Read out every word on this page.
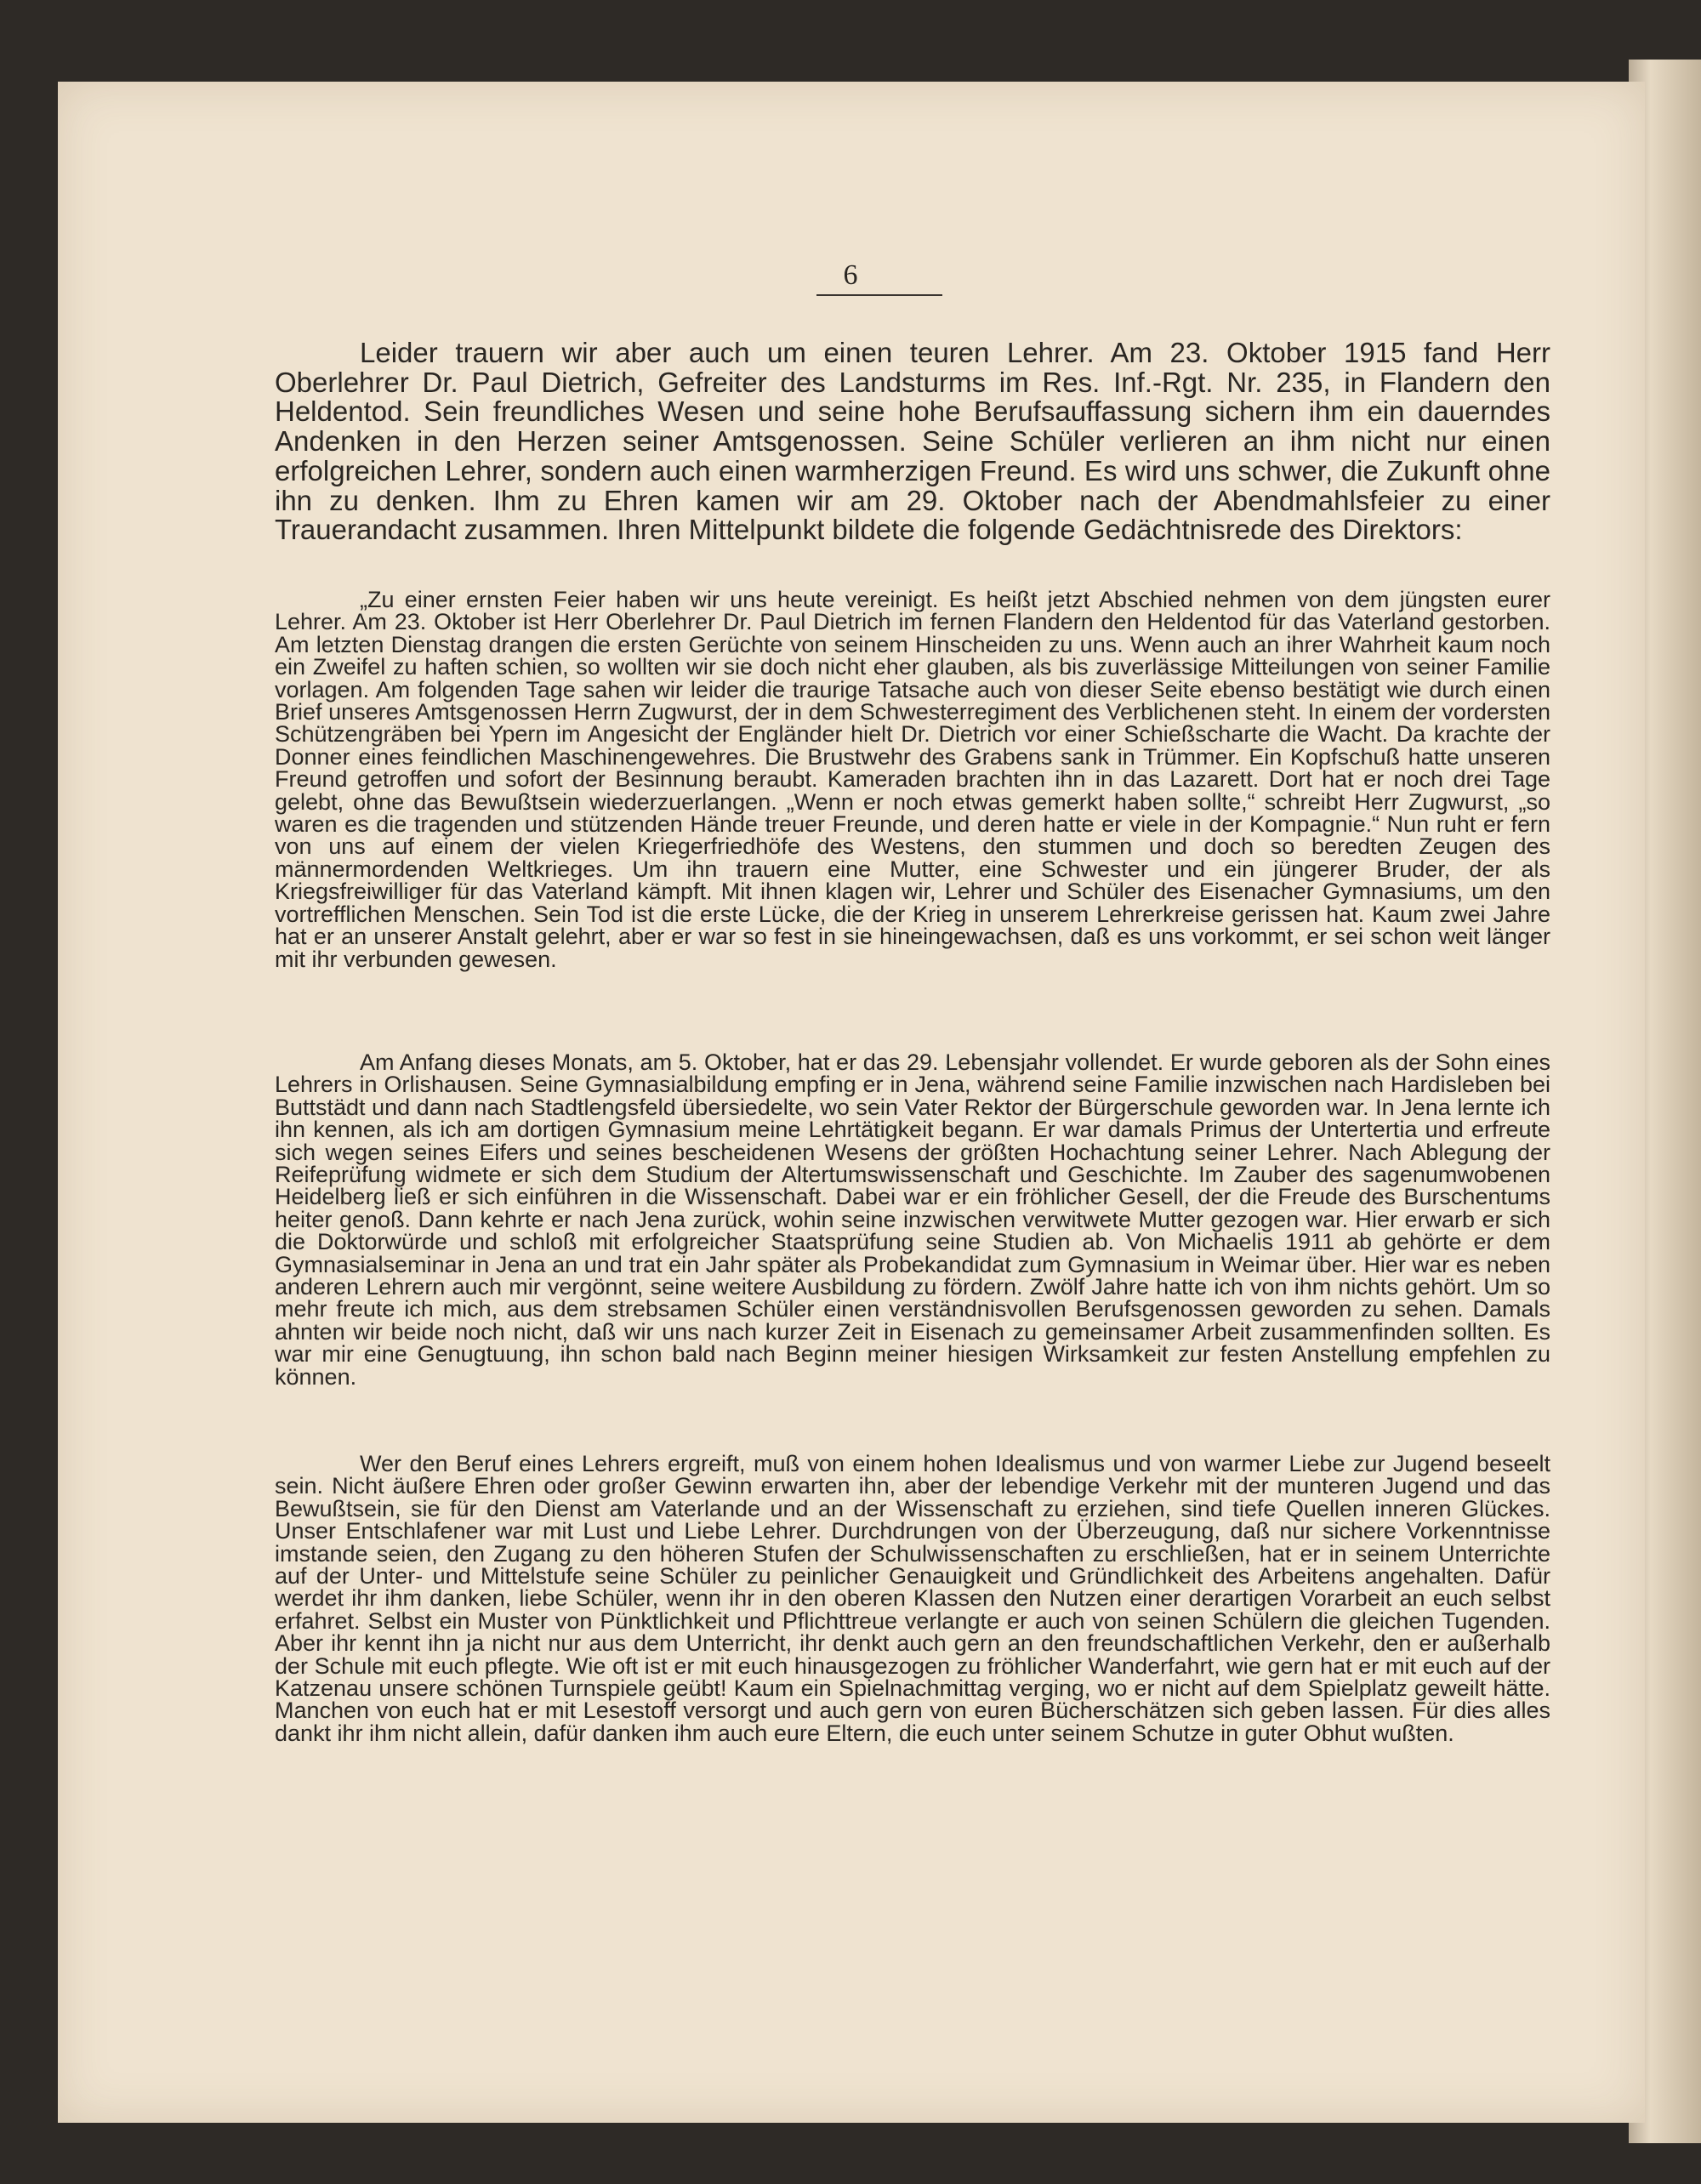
6

Leider trauern wir aber auch um einen teuren Lehrer. Am 23. Oktober 1915 fand Herr Oberlehrer Dr. Paul Dietrich, Gefreiter des Landsturms im Res. Inf.-Rgt. Nr. 235, in Flandern den Heldentod. Sein freundliches Wesen und seine hohe Berufsauffassung sichern ihm ein dauerndes Andenken in den Herzen seiner Amtsgenossen. Seine Schüler verlieren an ihm nicht nur einen erfolgreichen Lehrer, sondern auch einen warmherzigen Freund. Es wird uns schwer, die Zukunft ohne ihn zu denken. Ihm zu Ehren kamen wir am 29. Oktober nach der Abendmahlsfeier zu einer Trauerandacht zusammen. Ihren Mittelpunkt bildete die folgende Gedächtnisrede des Direktors:

„Zu einer ernsten Feier haben wir uns heute vereinigt. Es heißt jetzt Abschied nehmen von dem jüngsten eurer Lehrer. Am 23. Oktober ist Herr Oberlehrer Dr. Paul Dietrich im fernen Flandern den Heldentod für das Vaterland gestorben. Am letzten Dienstag drangen die ersten Gerüchte von seinem Hinscheiden zu uns. Wenn auch an ihrer Wahrheit kaum noch ein Zweifel zu haften schien, so wollten wir sie doch nicht eher glauben, als bis zuverlässige Mitteilungen von seiner Familie vorlagen. Am folgenden Tage sahen wir leider die traurige Tatsache auch von dieser Seite ebenso bestätigt wie durch einen Brief unseres Amtsgenossen Herrn Zugwurst, der in dem Schwesterregiment des Verblichenen steht. In einem der vordersten Schützengräben bei Ypern im Angesicht der Engländer hielt Dr. Dietrich vor einer Schießscharte die Wacht. Da krachte der Donner eines feindlichen Maschinengewehres. Die Brustwehr des Grabens sank in Trümmer. Ein Kopfschuß hatte unseren Freund getroffen und sofort der Besinnung beraubt. Kameraden brachten ihn in das Lazarett. Dort hat er noch drei Tage gelebt, ohne das Bewußtsein wiederzuerlangen. „Wenn er noch etwas gemerkt haben sollte,“ schreibt Herr Zugwurst, „so waren es die tragenden und stützenden Hände treuer Freunde, und deren hatte er viele in der Kompagnie.“ Nun ruht er fern von uns auf einem der vielen Kriegerfriedhöfe des Westens, den stummen und doch so beredten Zeugen des männermordenden Weltkrieges. Um ihn trauern eine Mutter, eine Schwester und ein jüngerer Bruder, der als Kriegsfreiwilliger für das Vaterland kämpft. Mit ihnen klagen wir, Lehrer und Schüler des Eisenacher Gymnasiums, um den vortrefflichen Menschen. Sein Tod ist die erste Lücke, die der Krieg in unserem Lehrerkreise gerissen hat. Kaum zwei Jahre hat er an unserer Anstalt gelehrt, aber er war so fest in sie hineingewachsen, daß es uns vorkommt, er sei schon weit länger mit ihr verbunden gewesen.

Am Anfang dieses Monats, am 5. Oktober, hat er das 29. Lebensjahr vollendet. Er wurde geboren als der Sohn eines Lehrers in Orlishausen. Seine Gymnasialbildung empfing er in Jena, während seine Familie inzwischen nach Hardisleben bei Buttstädt und dann nach Stadtlengsfeld übersiedelte, wo sein Vater Rektor der Bürgerschule geworden war. In Jena lernte ich ihn kennen, als ich am dortigen Gymnasium meine Lehrtätigkeit begann. Er war damals Primus der Untertertia und erfreute sich wegen seines Eifers und seines bescheidenen Wesens der größten Hochachtung seiner Lehrer. Nach Ablegung der Reifeprüfung widmete er sich dem Studium der Altertumswissenschaft und Geschichte. Im Zauber des sagenumwobenen Heidelberg ließ er sich einführen in die Wissenschaft. Dabei war er ein fröhlicher Gesell, der die Freude des Burschentums heiter genoß. Dann kehrte er nach Jena zurück, wohin seine inzwischen verwitwete Mutter gezogen war. Hier erwarb er sich die Doktorwürde und schloß mit erfolgreicher Staatsprüfung seine Studien ab. Von Michaelis 1911 ab gehörte er dem Gymnasialseminar in Jena an und trat ein Jahr später als Probekandidat zum Gymnasium in Weimar über. Hier war es neben anderen Lehrern auch mir vergönnt, seine weitere Ausbildung zu fördern. Zwölf Jahre hatte ich von ihm nichts gehört. Um so mehr freute ich mich, aus dem strebsamen Schüler einen verständnisvollen Berufsgenossen geworden zu sehen. Damals ahnten wir beide noch nicht, daß wir uns nach kurzer Zeit in Eisenach zu gemeinsamer Arbeit zusammenfinden sollten. Es war mir eine Genugtuung, ihn schon bald nach Beginn meiner hiesigen Wirksamkeit zur festen Anstellung empfehlen zu können.

Wer den Beruf eines Lehrers ergreift, muß von einem hohen Idealismus und von warmer Liebe zur Jugend beseelt sein. Nicht äußere Ehren oder großer Gewinn erwarten ihn, aber der lebendige Verkehr mit der munteren Jugend und das Bewußtsein, sie für den Dienst am Vaterlande und an der Wissenschaft zu erziehen, sind tiefe Quellen inneren Glückes. Unser Entschlafener war mit Lust und Liebe Lehrer. Durchdrungen von der Überzeugung, daß nur sichere Vorkenntnisse imstande seien, den Zugang zu den höheren Stufen der Schulwissenschaften zu erschließen, hat er in seinem Unterrichte auf der Unter- und Mittelstufe seine Schüler zu peinlicher Genauigkeit und Gründlichkeit des Arbeitens angehalten. Dafür werdet ihr ihm danken, liebe Schüler, wenn ihr in den oberen Klassen den Nutzen einer derartigen Vorarbeit an euch selbst erfahret. Selbst ein Muster von Pünktlichkeit und Pflichttreue verlangte er auch von seinen Schülern die gleichen Tugenden. Aber ihr kennt ihn ja nicht nur aus dem Unterricht, ihr denkt auch gern an den freundschaftlichen Verkehr, den er außerhalb der Schule mit euch pflegte. Wie oft ist er mit euch hinausgezogen zu fröhlicher Wanderfahrt, wie gern hat er mit euch auf der Katzenau unsere schönen Turnspiele geübt! Kaum ein Spielnachmittag verging, wo er nicht auf dem Spielplatz geweilt hätte. Manchen von euch hat er mit Lesestoff versorgt und auch gern von euren Bücherschätzen sich geben lassen. Für dies alles dankt ihr ihm nicht allein, dafür danken ihm auch eure Eltern, die euch unter seinem Schutze in guter Obhut wußten.
